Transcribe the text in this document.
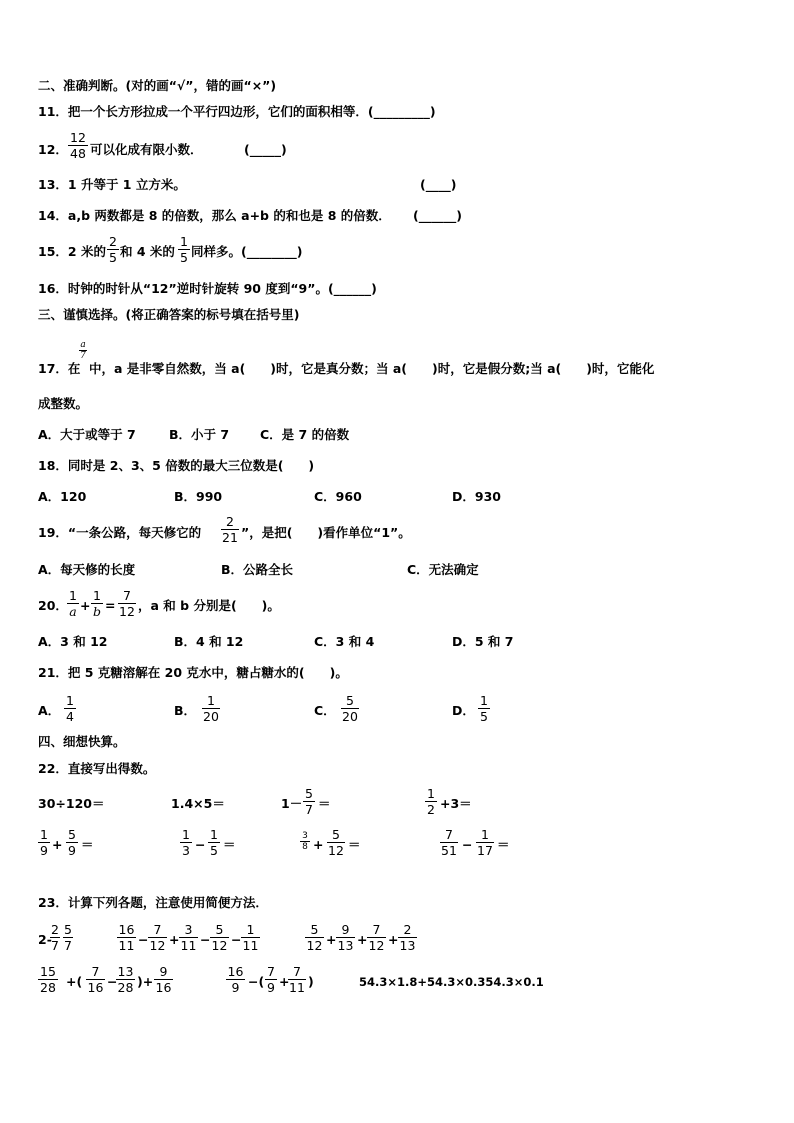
二、准确判断。(对的画“√”，错的画“×”)
11．把一个长方形拉成一个平行四边形，它们的面积相等．(_________)
12．
12
48 可以化成有限小数．	(_____)
13．1 升等于 1 立方米。	(____)
14．a,b 两数都是 8 的倍数，那么 a+b 的和也是 8 的倍数． (______)
15．2 米的
2
5 和 4 米的
1
5 同样多。(________)
16．时钟的时针从“12”逆时针旋转 90 度到“9”。(______)
三、谨慎选择。(将正确答案的标号填在括号里)
17．在
a
7
中，a 是非零自然数，当 a(　　)时，它是真分数；当 a(　　)时，它是假分数;当 a(　　)时，它能化
成整数。
A．大于或等于 7	B．小于 7 C．是 7 的倍数
18．同时是 2、3、5 倍数的最大三位数是(　　)
A．120	B．990	C．960	D．930
19．“一条公路，每天修它的
2
21 ”，是把(　　)看作单位“1”。
A．每天修的长度	B．公路全长	C．无法确定
20．
1
a +
1
b =
7
12 ，a 和 b 分别是(　　)。
A．3 和 12	B．4 和 12	C．3 和 4	D．5 和 7
21．把 5 克糖溶解在 20 克水中，糖占糖水的(　　)。
A．
1
4	B．
1
20	C．
5
20	D．
1
5
四、细想快算。
22．直接写出得数。
30÷120＝	1.4×5＝	1－
5
7 ＝
1
2 +3＝
1
9 +
5
9 ＝
1
3 −
1
5 ＝
3
8 +
5
12 ＝
7
51 −
1
17 ＝
23．计算下列各题，注意使用简便方法．
2-
2
7
5
7
16
11 −
7
12 +
3
11 −
5
12 −
1
11
5
12 +
9
13 +
7
12 +
2
13
15
28 +(
7
16 −
13
28 )+
9
16
16
9 −(
7
9 +
7
11 )	54.3×1.8+54.3×0.354.3×0.1
